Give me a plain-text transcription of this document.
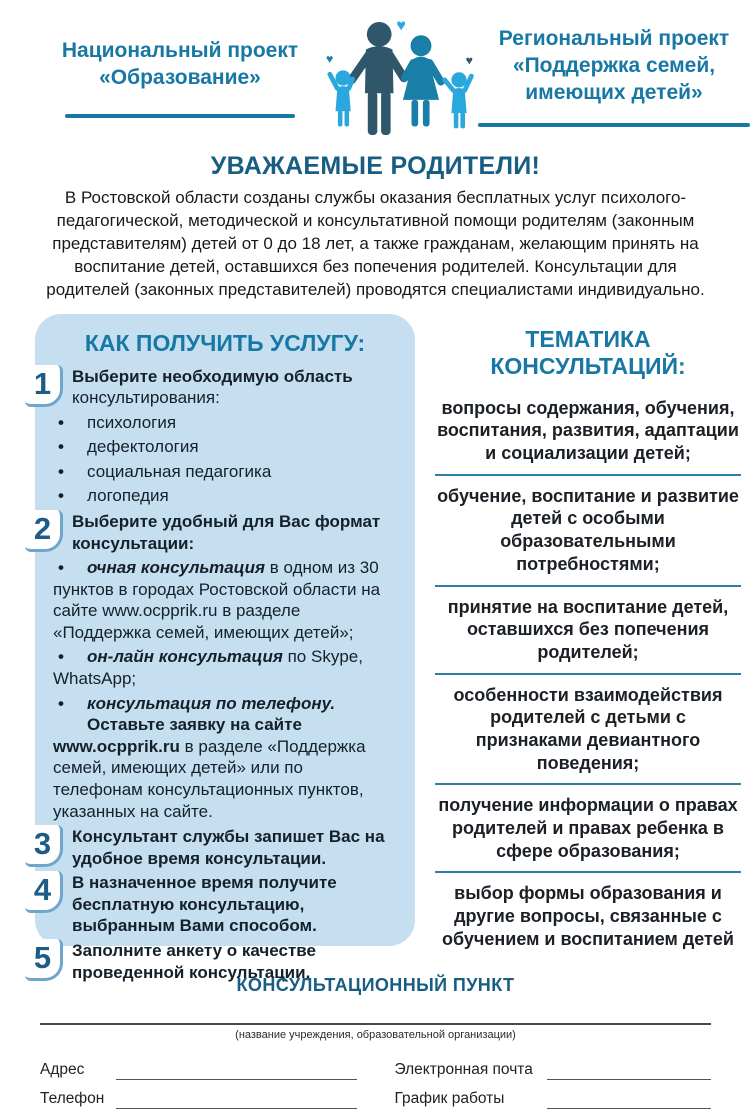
Национальный проект «Образование»
♥
♥	♥
Региональный проект «Поддержка семей, имеющих детей»
УВАЖАЕМЫЕ РОДИТЕЛИ!
В Ростовской области созданы службы оказания бесплатных услуг психолого-педагогической, методической и консультативной помощи родителям (законным представителям) детей от 0 до 18 лет, а также гражданам, желающим принять на воспитание детей, оставшихся без попечения родителей. Консультации для родителей (законных представителей) проводятся специалистами индивидуально.
КАК ПОЛУЧИТЬ УСЛУГУ:
1	Выберите необходимую область
консультирования:
• психология
• дефектология
• социальная педагогика
• логопедия
2	Выберите удобный для Вас формат консультации:
• очная консультация в одном из 30 пунктов в городах Ростовской области на сайте www.ocpprik.ru в разделе «Поддержка семей, имеющих детей»;
• он-лайн консультация по Skype, WhatsApp;
• консультация по телефону.
Оставьте заявку на сайте
www.ocpprik.ru в разделе «Поддержка семей, имеющих детей» или по телефонам консультационных пунктов, указанных на сайте.
3	Консультант службы запишет Вас на удобное время консультации.
4	В назначенное время получите бесплатную консультацию, выбранным Вами способом.
5	Заполните анкету о качестве проведенной консультации.
ТЕМАТИКА КОНСУЛЬТАЦИЙ:
вопросы содержания, обучения, воспитания, развития, адаптации и социализации детей;
обучение, воспитание и развитие детей с особыми образовательными потребностями;
принятие на воспитание детей, оставшихся без попечения родителей;
особенности взаимодействия родителей с детьми с признаками девиантного поведения;
получение информации о правах родителей и правах ребенка в сфере образования;
выбор формы образования и другие вопросы, связанные с обучением и воспитанием детей
КОНСУЛЬТАЦИОННЫЙ ПУНКТ
(название учреждения, образовательной организации)
Адрес	Электронная почта
Телефон	График работы
